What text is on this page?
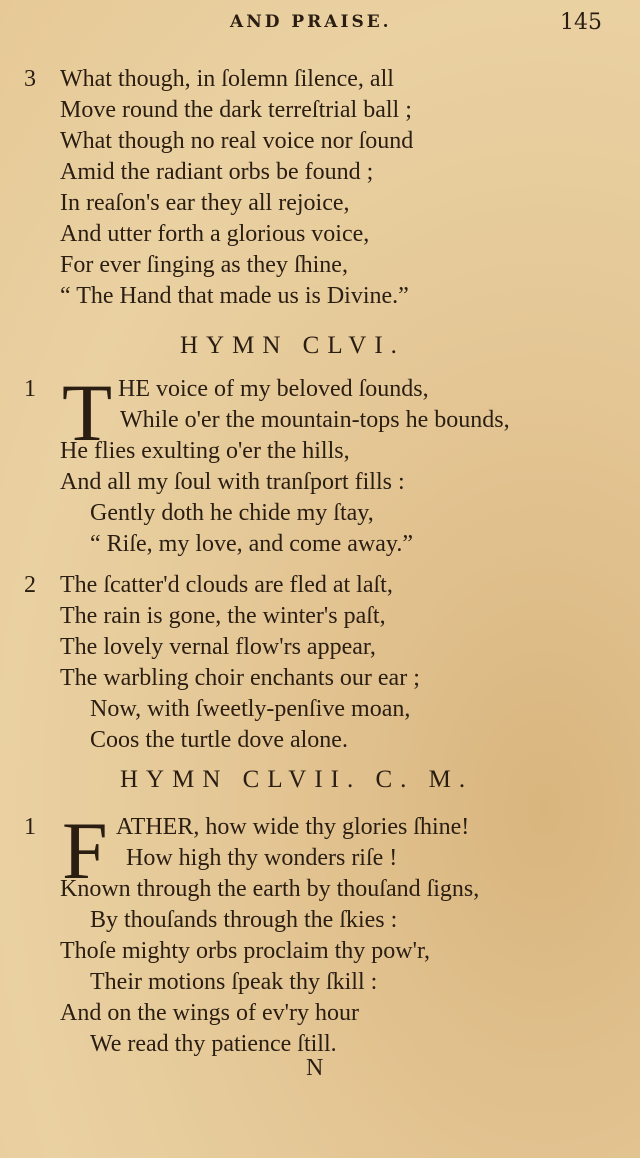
AND PRAISE.	145
3 What though, in ſolemn ſilence, all
Move round the dark terreſtrial ball ;
What though no real voice nor ſound
Amid the radiant orbs be found ;
In reaſon's ear they all rejoice,
And utter forth a glorious voice,
For ever ſinging as they ſhine,
“ The Hand that made us is Divine.”
HYMN CLVI.
1 T HE voice of my beloved ſounds,
While o'er the mountain-tops he bounds,
He flies exulting o'er the hills,
And all my ſoul with tranſport fills :
Gently doth he chide my ſtay,
“ Riſe, my love, and come away.”
2 The ſcatter'd clouds are fled at laſt,
The rain is gone, the winter's paſt,
The lovely vernal flow'rs appear,
The warbling choir enchants our ear ;
Now, with ſweetly-penſive moan,
Coos the turtle dove alone.
HYMN CLVII. C. M.
1 F ATHER, how wide thy glories ſhine!
How high thy wonders riſe !
Known through the earth by thouſand ſigns,
By thouſands through the ſkies :
Thoſe mighty orbs proclaim thy pow'r,
Their motions ſpeak thy ſkill :
And on the wings of ev'ry hour
We read thy patience ſtill.
N
